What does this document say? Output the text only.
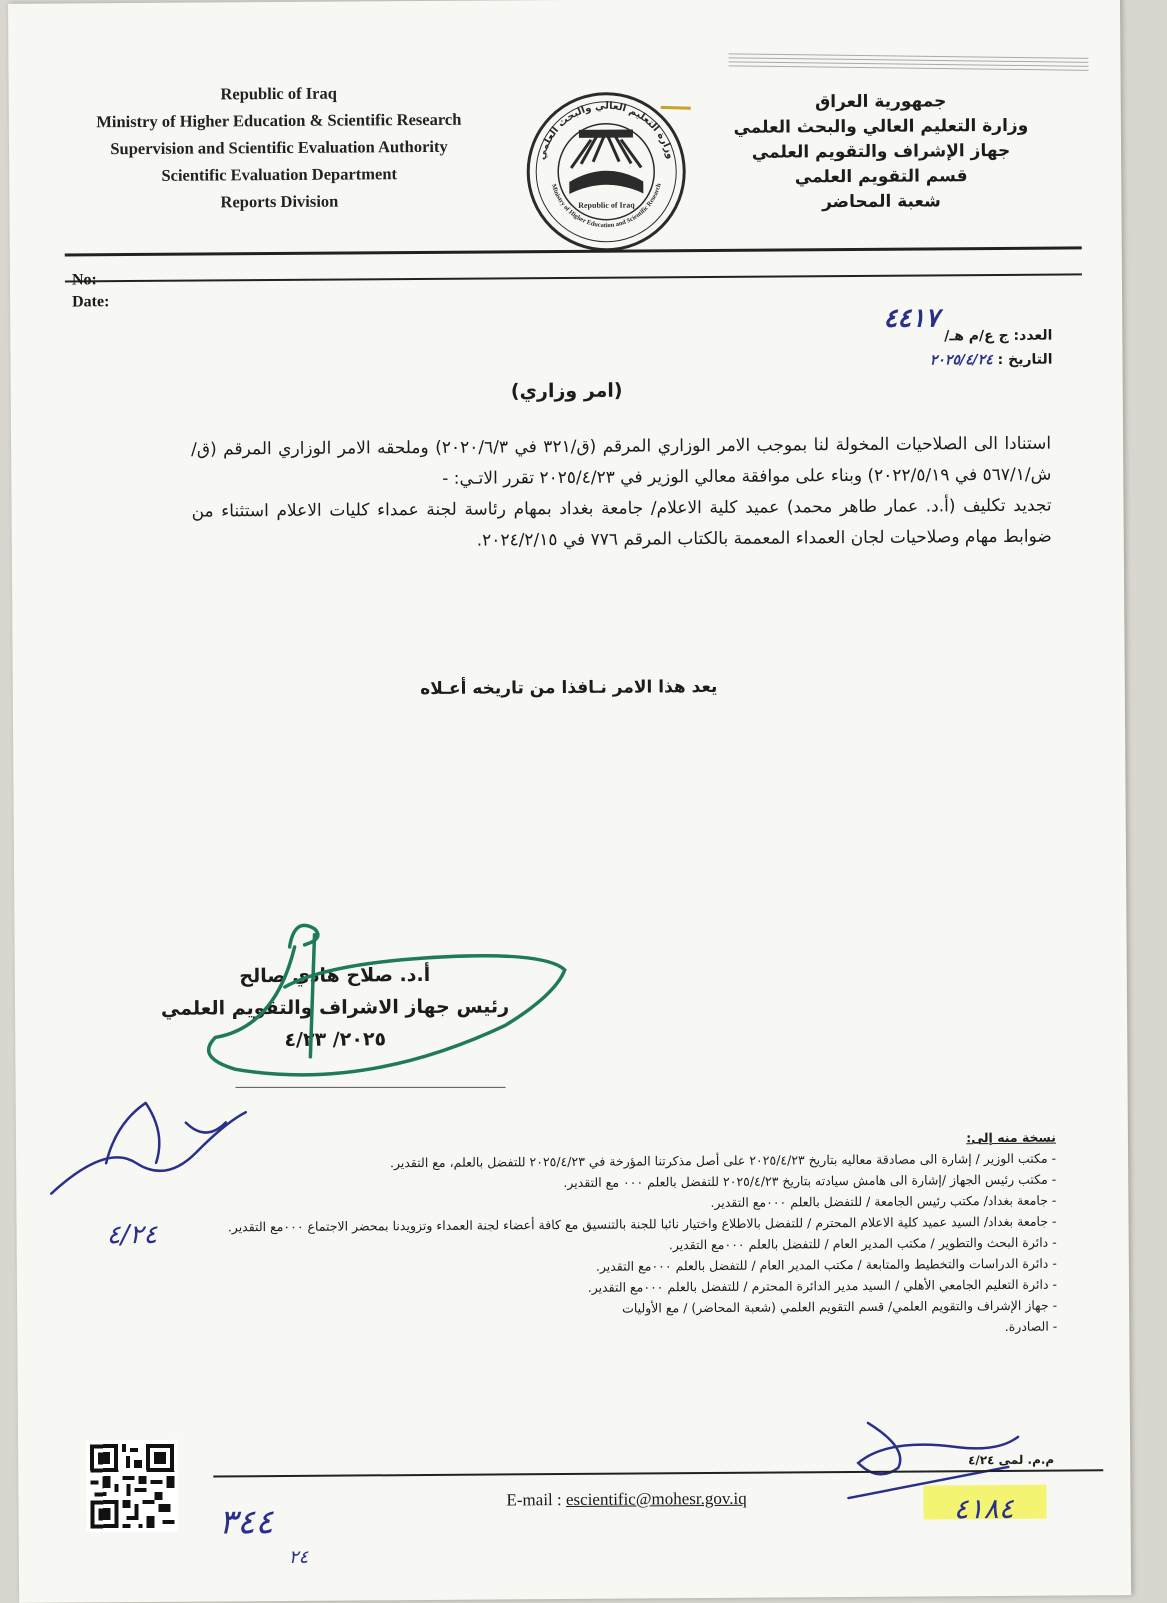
Republic of Iraq
Ministry of Higher Education & Scientific Research
Supervision and Scientific Evaluation Authority
Scientific Evaluation Department
Reports Division
وزارة التعليم العالي والبحث العلمي
Republic of Iraq
Ministry of Higher Education and Scientific Research
جمهورية العراق
وزارة التعليم العالي والبحث العلمي
جهاز الإشراف والتقويم العلمي
قسم التقويم العلمي
شعبة المحاضر
No:
Date:
العدد: ج ع/م هـ/ ٤٤١٧
التاريخ : ٢٠٢٥/٤/٢٤
(امر وزاري)

استنادا الى الصلاحيات المخولة لنا بموجب الامر الوزاري المرقم (ق/٣٢١ في ٢٠٢٠/٦/٣) وملحقه الامر الوزاري المرقم (ق/ش/٥٦٧/١ في ٢٠٢٢/٥/١٩) وبناء على موافقة معالي الوزير في ٢٠٢٥/٤/٢٣ تقرر الاتـي: -

تجديد تكليف (أ.د. عمار طاهر محمد) عميد كلية الاعلام/ جامعة بغداد بمهام رئاسة لجنة عمداء كليات الاعلام استثناء من ضوابط مهام وصلاحيات لجان العمداء المعممة بالكتاب المرقم ٧٧٦ في ٢٠٢٤/٢/١٥.

يعد هذا الامر نـافذا من تاريخه أعـلاه
أ.د. صلاح هادي صالح
رئيس جهاز الاشراف والتقويم العلمي
٢٠٢٥/ ٤/٢٣
٤/٢٤
نسخة منه إلى:
- مكتب الوزير / إشارة الى مصادقة معاليه بتاريخ ٢٠٢٥/٤/٢٣ على أصل مذكرتنا المؤرخة في ٢٠٢٥/٤/٢٣ للتفضل بالعلم، مع التقدير.
- مكتب رئيس الجهاز /إشارة الى هامش سيادته بتاريخ ٢٠٢٥/٤/٢٣ للتفضل بالعلم ٠٠٠ مع التقدير.
- جامعة بغداد/ مكتب رئيس الجامعة / للتفضل بالعلم ٠٠٠مع التقدير.
- جامعة بغداد/ السيد عميد كلية الاعلام المحترم / للتفضل بالاطلاع واختيار نائبا للجنة بالتنسيق مع كافة أعضاء لجنة العمداء وتزويدنا بمحضر الاجتماع ٠٠٠مع التقدير.
- دائرة البحث والتطوير / مكتب المدير العام / للتفضل بالعلم ٠٠٠مع التقدير.
- دائرة الدراسات والتخطيط والمتابعة / مكتب المدير العام / للتفضل بالعلم ٠٠٠مع التقدير.
- دائرة التعليم الجامعي الأهلي / السيد مدير الدائرة المحترم / للتفضل بالعلم ٠٠٠مع التقدير.
- جهاز الإشراف والتقويم العلمي/ قسم التقويم العلمي (شعبة المحاضر) / مع الأوليات
- الصادرة.
م.م. لمى ٤/٢٤
٤١٨٤
E-mail : escientific@mohesr.gov.iq
٣٤٤
٢٤
